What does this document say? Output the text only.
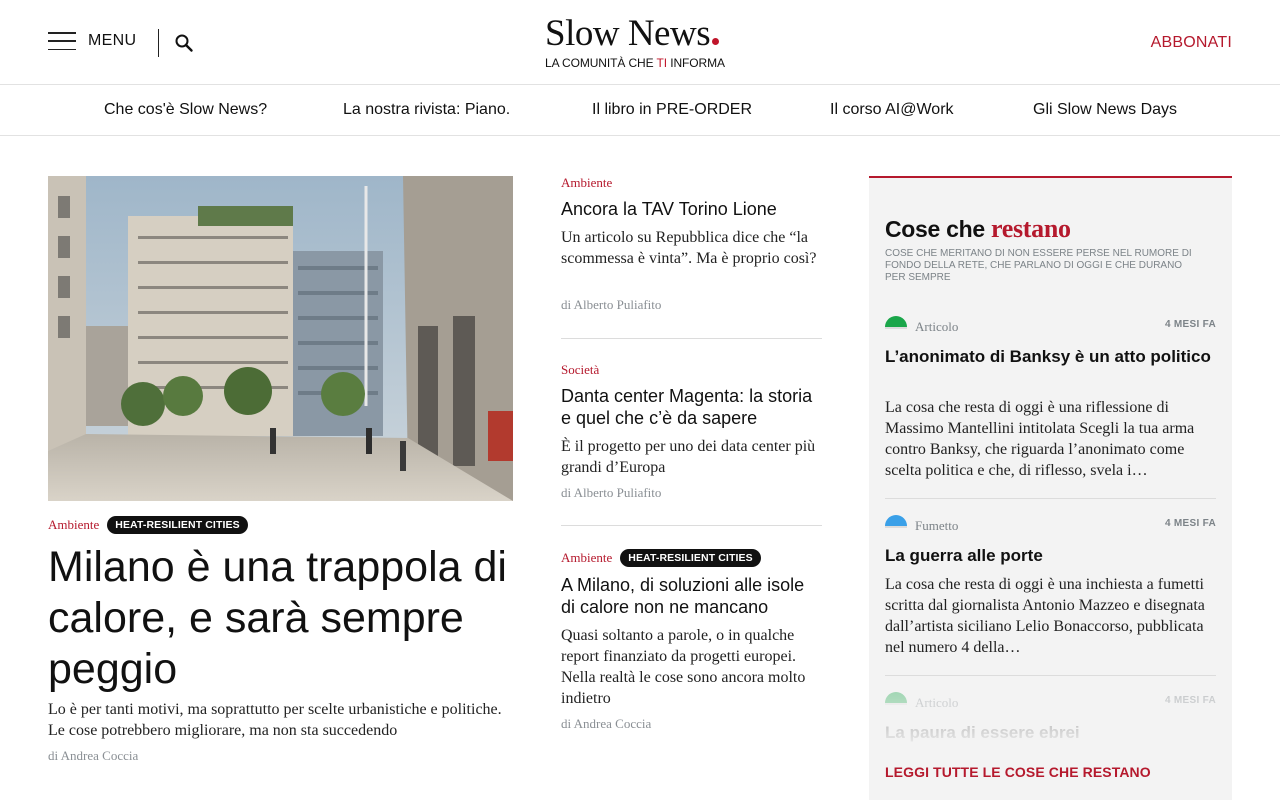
MENU	Slow News
LA COMUNITÀ CHE TI INFORMA
ABBONATI
Che cos'è Slow News?	La nostra rivista: Piano.	Il libro in PRE-ORDER	Il corso AI@Work	Gli Slow News Days
Ambiente	HEAT-RESILIENT CITIES
Milano è una trappola di calore, e sarà sempre peggio

Lo è per tanti motivi, ma soprattutto per scelte urbanistiche e politiche. Le cose potrebbero migliorare, ma non sta succedendo

di Andrea Coccia
Ambiente
Ancora la TAV Torino Lione
Un articolo su Repubblica dice che “la scommessa è vinta”. Ma è proprio così?
di Alberto Puliafito
Società
Danta center Magenta: la storia e quel che c’è da sapere
È il progetto per uno dei data center più grandi d’Europa
di Alberto Puliafito
Ambiente	HEAT-RESILIENT CITIES
A Milano, di soluzioni alle isole di calore non ne mancano
Quasi soltanto a parole, o in qualche report finanziato da progetti europei. Nella realtà le cose sono ancora molto indietro
di Andrea Coccia
Cose che restano
COSE CHE MERITANO DI NON ESSERE PERSE NEL RUMORE DI FONDO DELLA RETE, CHE PARLANO DI OGGI E CHE DURANO PER SEMPRE
Articolo	4 MESI FA
L’anonimato di Banksy è un atto politico
La cosa che resta di oggi è una riflessione di Massimo Mantellini intitolata Scegli la tua arma contro Banksy, che riguarda l’anonimato come scelta politica e che, di riflesso, svela i…
Fumetto	4 MESI FA
La guerra alle porte
La cosa che resta di oggi è una inchiesta a fumetti scritta dal giornalista Antonio Mazzeo e disegnata dall’artista siciliano Lelio Bonaccorso, pubblicata nel numero 4 della…
LEGGI TUTTE LE COSE CHE RESTANO
